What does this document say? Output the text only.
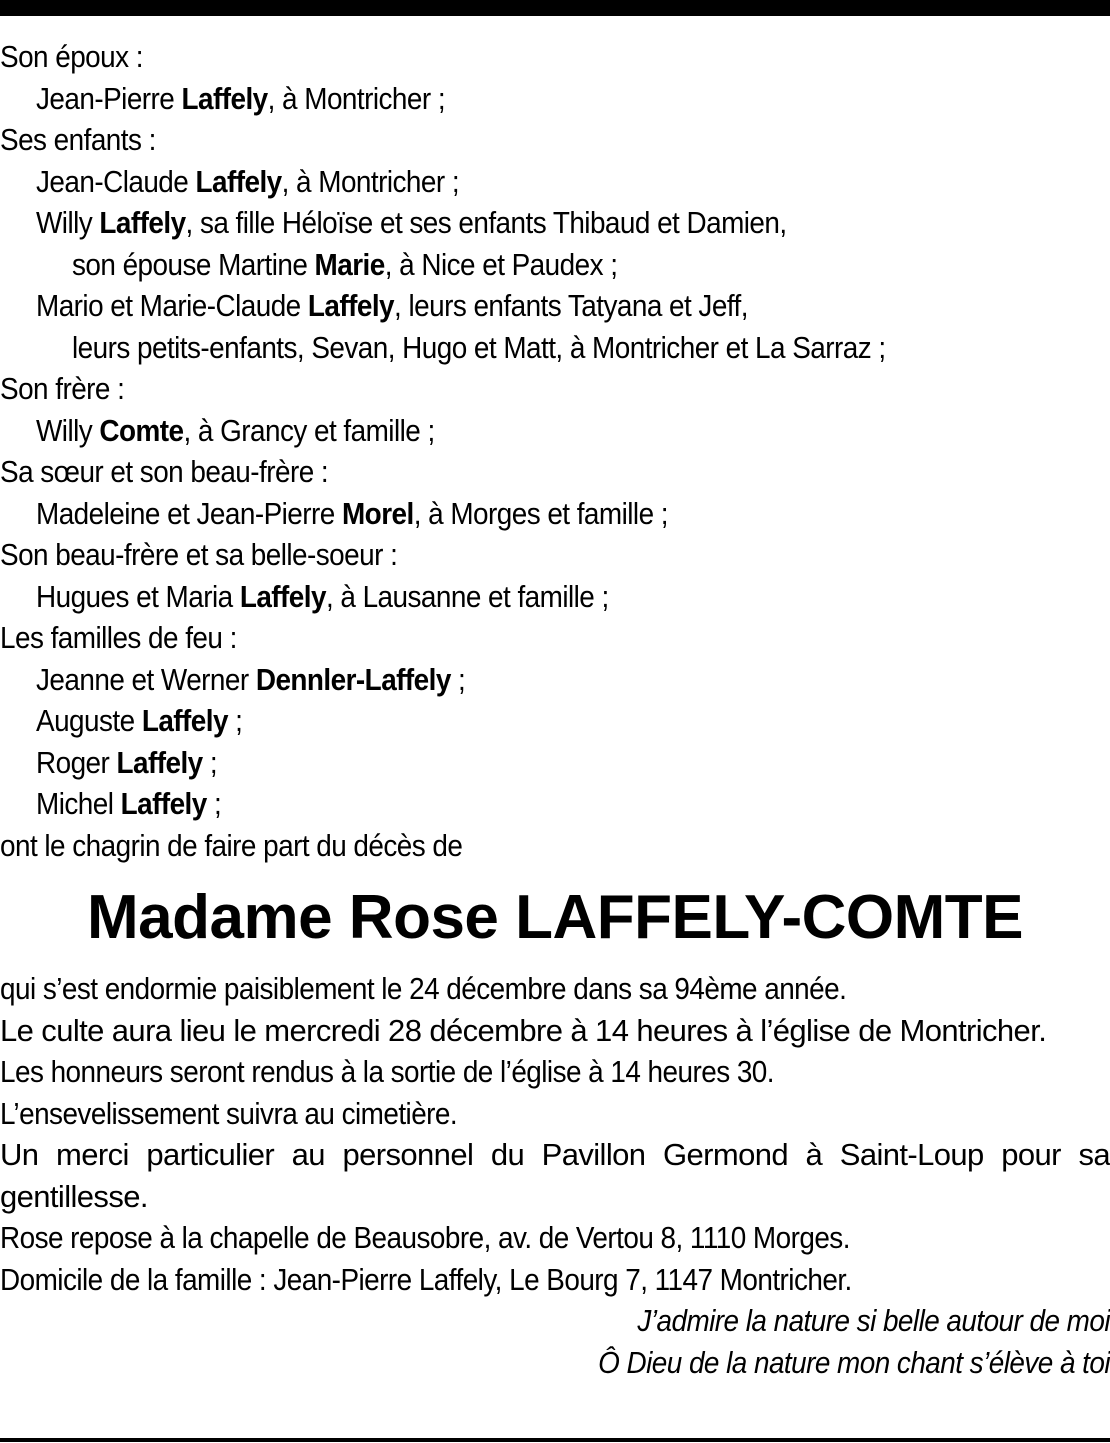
Son époux :
Jean-Pierre Laffely, à Montricher ;
Ses enfants :
Jean-Claude Laffely, à Montricher ;
Willy Laffely, sa fille Héloïse et ses enfants Thibaud et Damien,
son épouse Martine Marie, à Nice et Paudex ;
Mario et Marie-Claude Laffely, leurs enfants Tatyana et Jeff,
leurs petits-enfants, Sevan, Hugo et Matt, à Montricher et La Sarraz ;
Son frère :
Willy Comte, à Grancy et famille ;
Sa sœur et son beau-frère :
Madeleine et Jean-Pierre Morel, à Morges et famille ;
Son beau-frère et sa belle-soeur :
Hugues et Maria Laffely, à Lausanne et famille ;
Les familles de feu :
Jeanne et Werner Dennler-Laffely ;
Auguste Laffely ;
Roger Laffely ;
Michel Laffely ;
ont le chagrin de faire part du décès de
Madame Rose LAFFELY-COMTE
qui s’est endormie paisiblement le 24 décembre dans sa 94ème année.
Le culte aura lieu le mercredi 28 décembre à 14 heures à l’église de Montricher.
Les honneurs seront rendus à la sortie de l’église à 14 heures 30.
L’ensevelissement suivra au cimetière.
Un merci particulier au personnel du Pavillon Germond à Saint-Loup pour sa gentillesse.
Rose repose à la chapelle de Beausobre, av. de Vertou 8, 1110 Morges.
Domicile de la famille : Jean-Pierre Laffely, Le Bourg 7, 1147 Montricher.
J’admire la nature si belle autour de moi
Ô Dieu de la nature mon chant s’élève à toi
